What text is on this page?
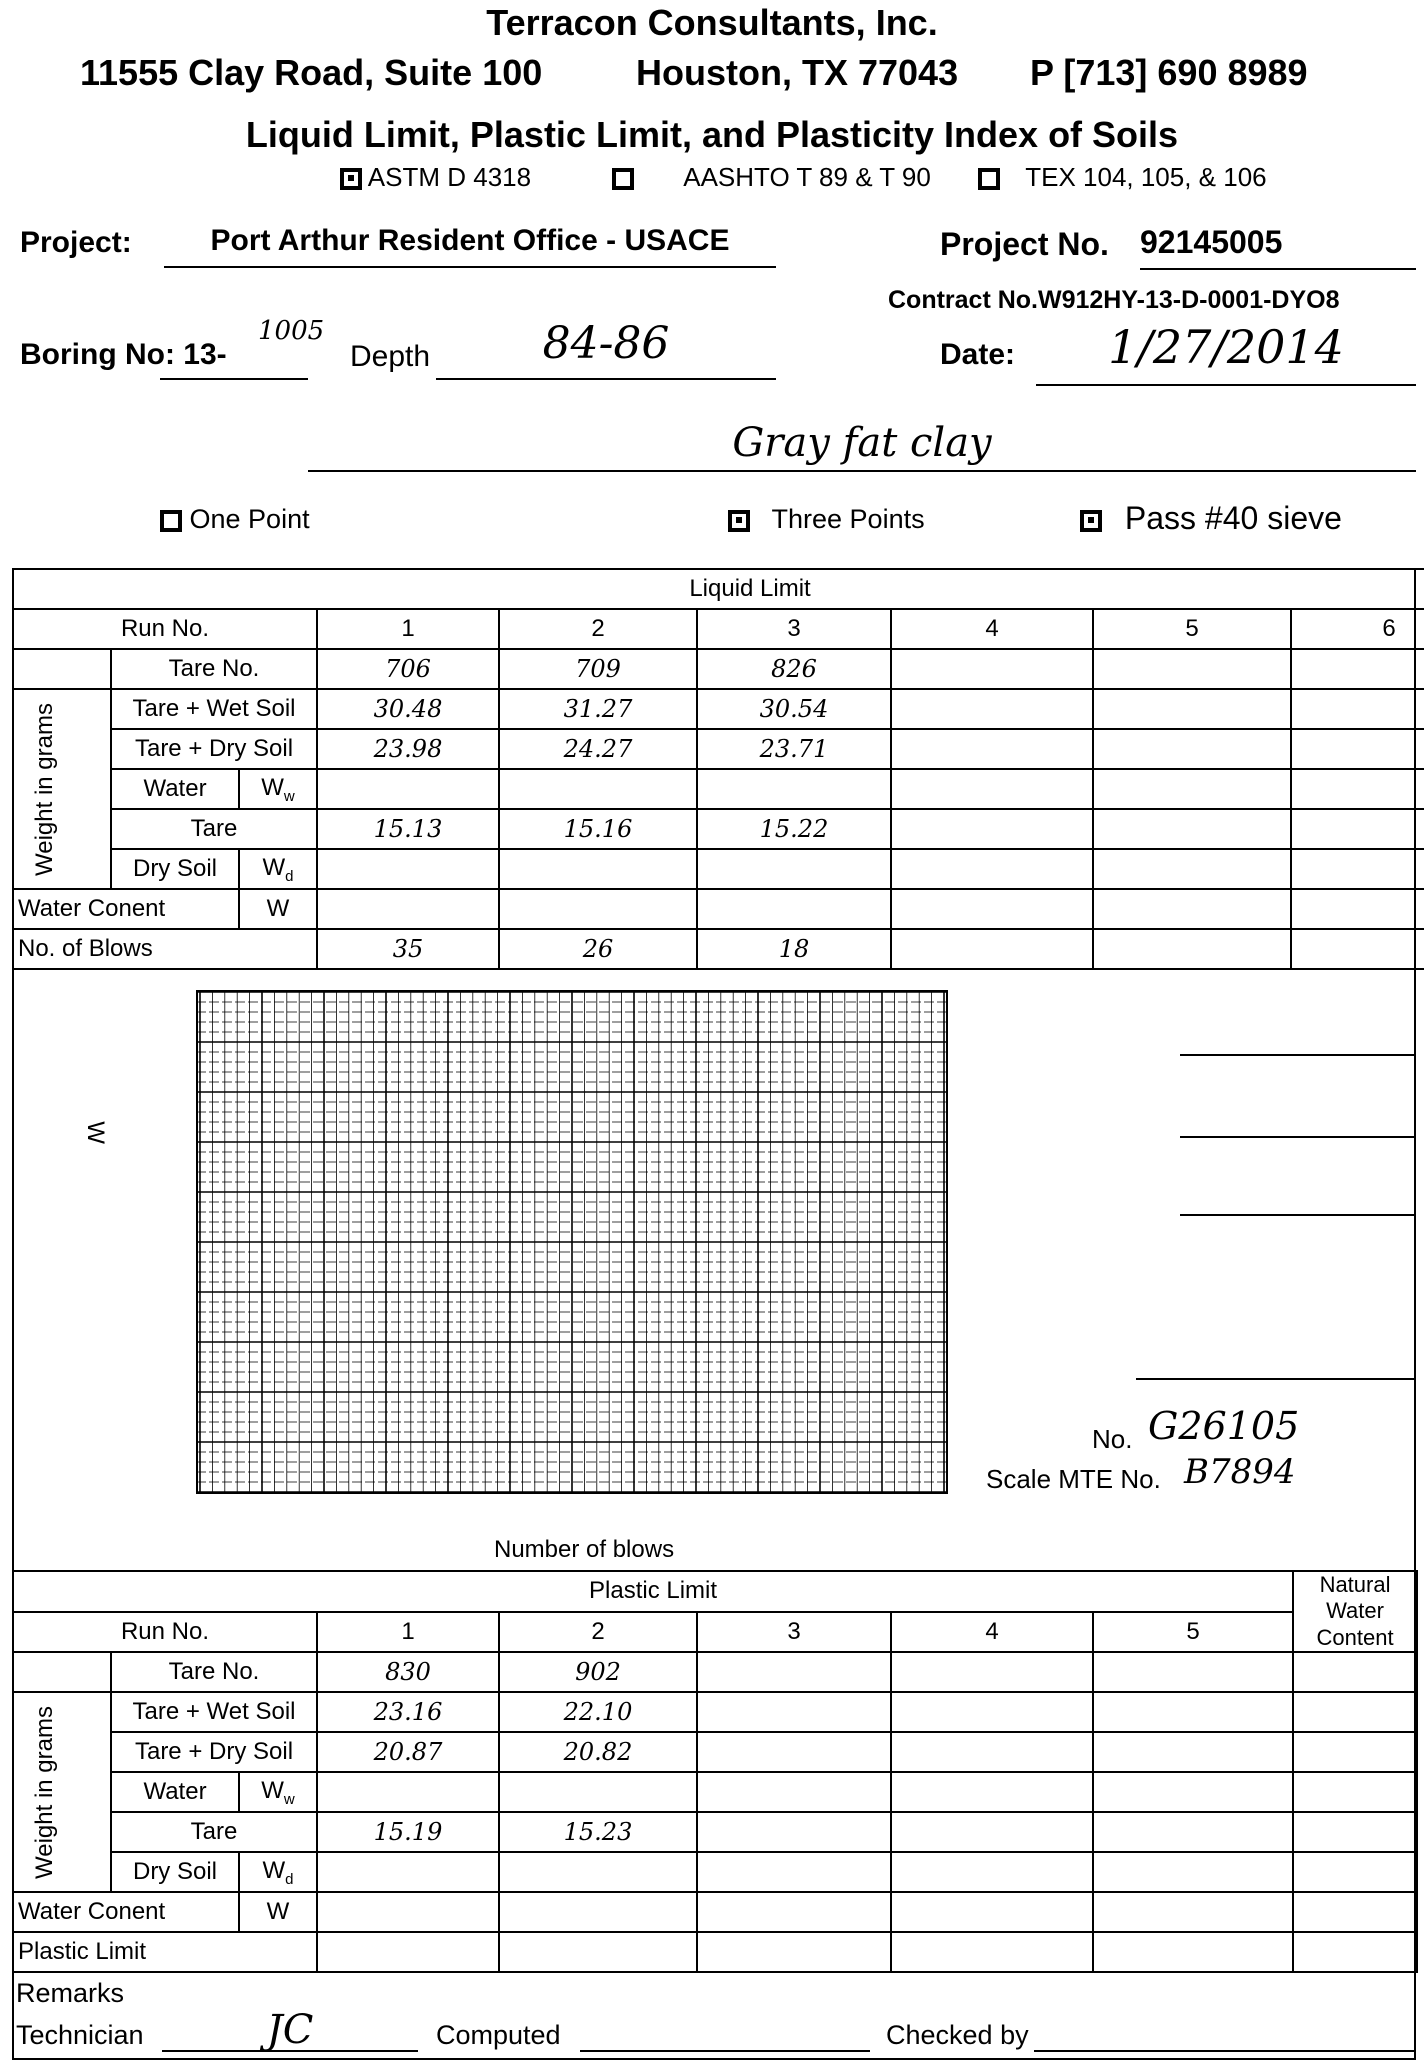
Terracon Consultants, Inc.
11555 Clay Road, Suite 100	Houston, TX 77043 P [713] 690 8989
Liquid Limit, Plastic Limit, and Plasticity Index of Soils
ASTM D 4318	AASHTO T 89 & T 90	TEX 104, 105, & 106
Project:	Port Arthur Resident Office - USACE	Project No. 92145005
Contract No.W912HY-13-D-0001-DYO8
Boring No: 13-
1005
Depth	84-86	Date:	1/27/2014
Gray fat clay
One Point	Three Points	Pass #40 sieve
Liquid Limit								
Run No.			1	2	3	4	5	6
	Tare No.		706	709	826			

Weight in grams	Tare + Wet Soil		30.48	31.27	30.54			
	Tare + Dry Soil		23.98	24.27	23.71			
	Water	$W_w$						
	Tare		15.13	15.16	15.22			
	Dry Soil	$W_d$						
Water Conent		W						
No. of Blows			35	26	18			
W
Number of blows
No. G26105
Scale MTE No. B7894
Plastic Limit								Natural Water Content
Run No.			1	2	3	4	5	
	Tare No.		830	902				

Weight in grams	Tare + Wet Soil		23.16	22.10				
	Tare + Dry Soil		20.87	20.82				
	Water	$W_w$						
	Tare		15.19	15.23				
	Dry Soil	$W_d$						
Water Conent		W						
Plastic Limit								
Remarks
Technician	JC	Computed	Checked by
